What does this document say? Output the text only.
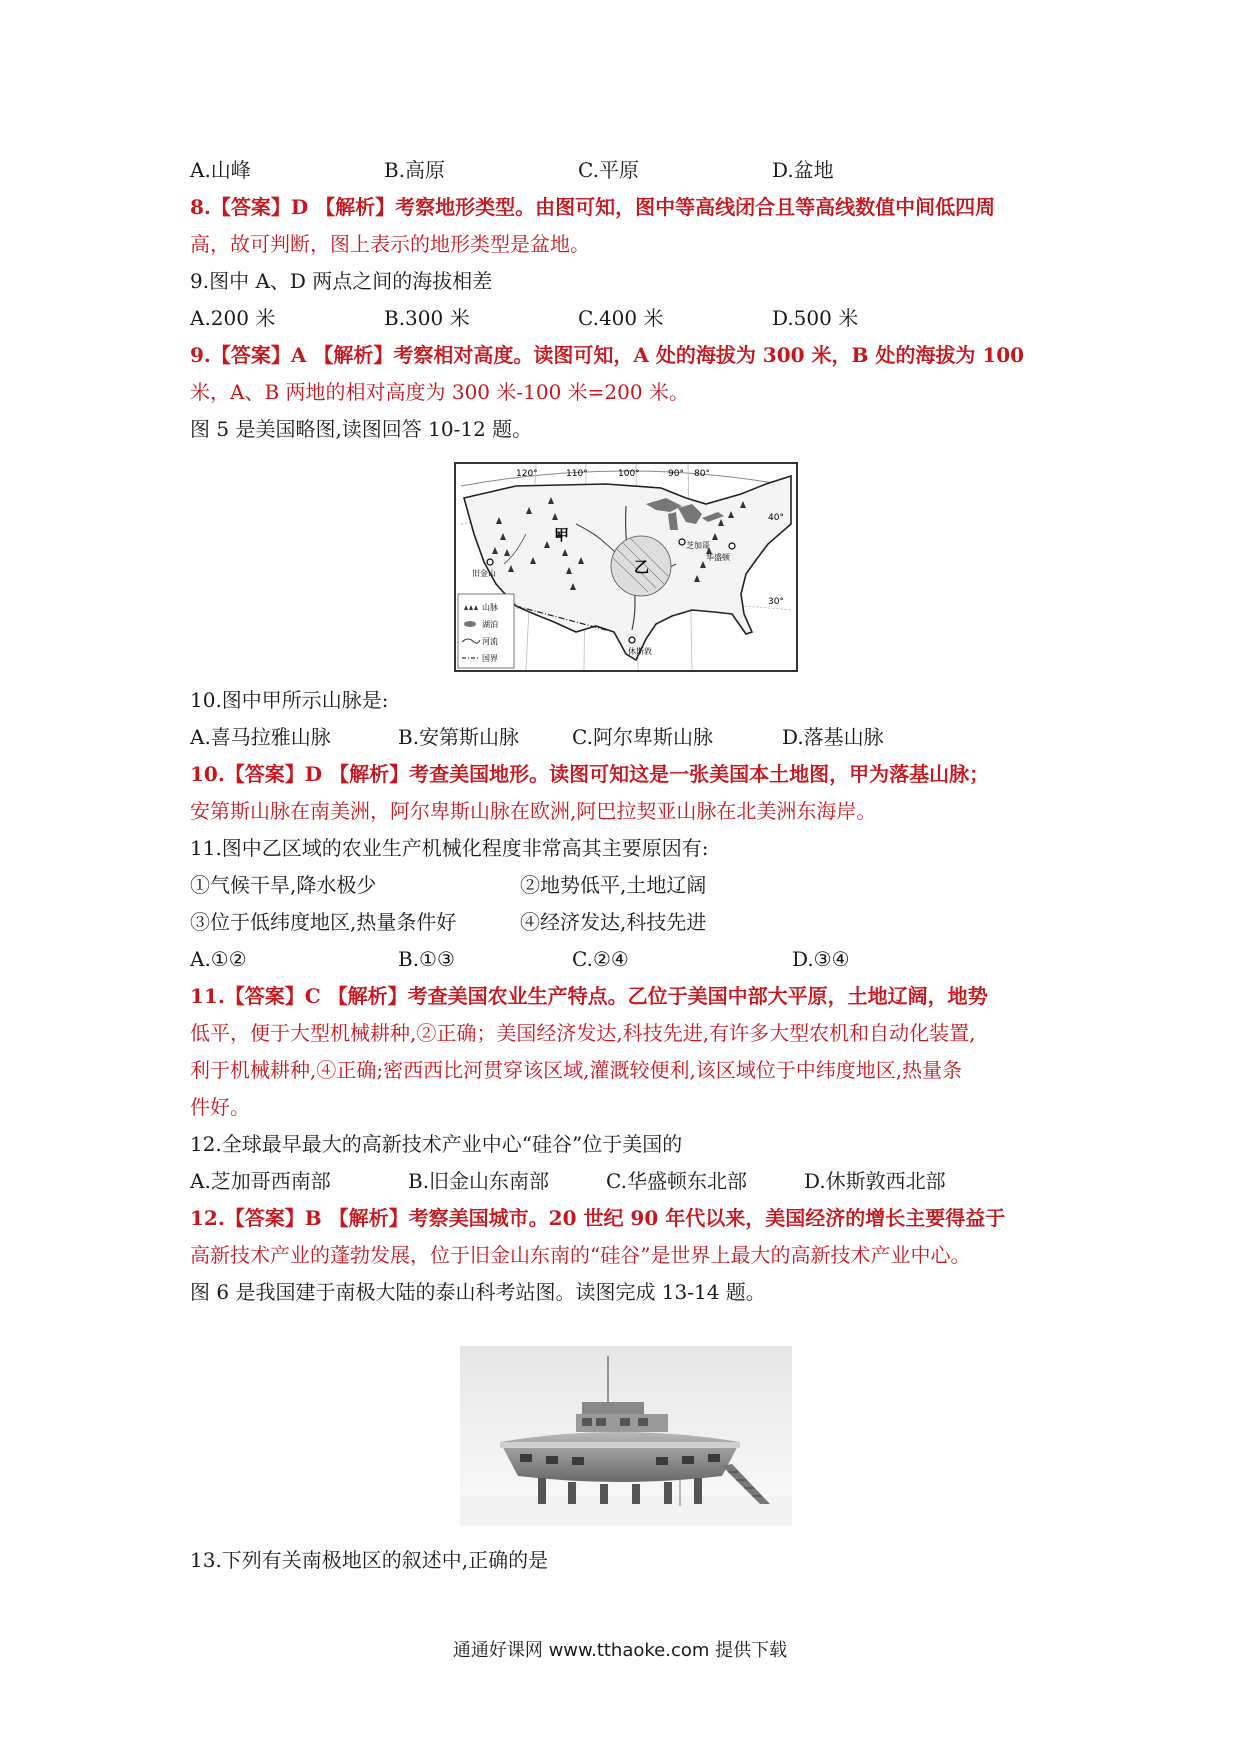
A.山峰	B.高原	C.平原	D.盆地
8.【答案】D 【解析】考察地形类型。由图可知，图中等高线闭合且等高线数值中间低四周
高，故可判断，图上表示的地形类型是盆地。
9.图中 A、D 两点之间的海拔相差
A.200 米	B.300 米	C.400 米	D.500 米
9.【答案】A 【解析】考察相对高度。读图可知，A 处的海拔为 300 米，B 处的海拔为 100
米，A、B 两地的相对高度为 300 米-100 米=200 米。
图 5 是美国略图,读图回答 10-12 题。
乙
甲
120°	110°	100°	90° 80°
40°
30°
旧金山
芝加哥
华盛顿
休斯敦
山脉
湖泊
河流
国界
10.图中甲所示山脉是:
A.喜马拉雅山脉	B.安第斯山脉	C.阿尔卑斯山脉	D.落基山脉
10.【答案】D 【解析】考查美国地形。读图可知这是一张美国本土地图，甲为落基山脉；
安第斯山脉在南美洲，阿尔卑斯山脉在欧洲,阿巴拉契亚山脉在北美洲东海岸。
11.图中乙区域的农业生产机械化程度非常高其主要原因有:
①气候干旱,降水极少	②地势低平,土地辽阔
③位于低纬度地区,热量条件好	④经济发达,科技先进
A.①②	B.①③	C.②④	D.③④
11.【答案】C 【解析】考查美国农业生产特点。乙位于美国中部大平原，土地辽阔，地势
低平，便于大型机械耕种,②正确；美国经济发达,科技先进,有许多大型农机和自动化装置,
利于机械耕种,④正确;密西西比河贯穿该区域,灌溉较便利,该区域位于中纬度地区,热量条
件好。
12.全球最早最大的高新技术产业中心“硅谷”位于美国的
A.芝加哥西南部	B.旧金山东南部	C.华盛顿东北部	D.休斯敦西北部
12.【答案】B 【解析】考察美国城市。20 世纪 90 年代以来，美国经济的增长主要得益于
高新技术产业的蓬勃发展，位于旧金山东南的“硅谷”是世界上最大的高新技术产业中心。
图 6 是我国建于南极大陆的泰山科考站图。读图完成 13-14 题。
13.下列有关南极地区的叙述中,正确的是
通通好课网 www.tthaoke.com 提供下载
